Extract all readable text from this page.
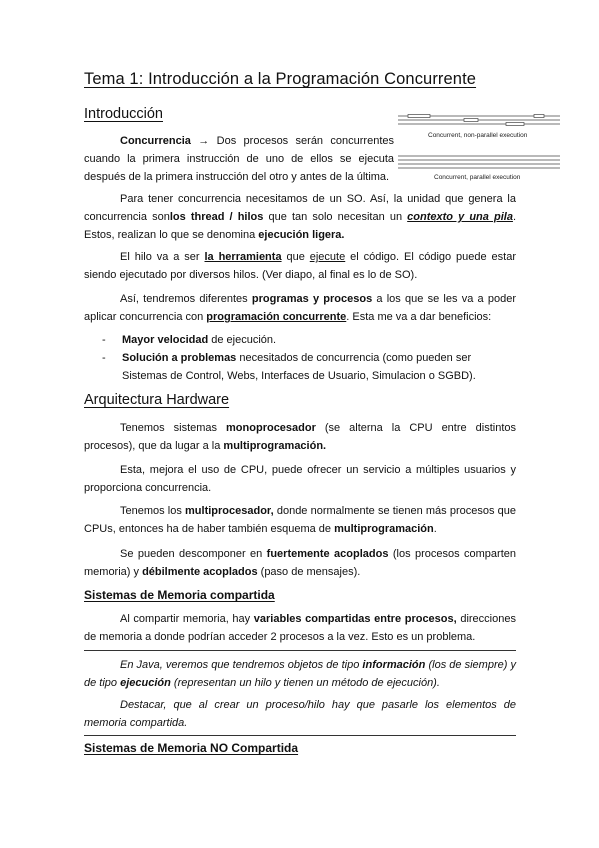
Tema 1: Introducción a la Programación Concurrente
Introducción
Concurrent, non-parallel execution
Concurrent, parallel execution

Concurrencia → Dos procesos serán concurrentes cuando la primera instrucción de uno de ellos se ejecuta después de la primera instrucción del otro y antes de la última.

Para tener concurrencia necesitamos de un SO. Así, la unidad que genera la concurrencia sonlos thread / hilos que tan solo necesitan un contexto y una pila. Estos, realizan lo que se denomina ejecución ligera.

El hilo va a ser la herramienta que ejecute el código. El código puede estar siendo ejecutado por diversos hilos. (Ver diapo, al final es lo de SO).

Así, tendremos diferentes programas y procesos a los que se les va a poder aplicar concurrencia con programación concurrente. Esta me va a dar beneficios:

- Mayor velocidad de ejecución.
- Solución a problemas necesitados de concurrencia (como pueden ser Sistemas de Control, Webs, Interfaces de Usuario, Simulacion o SGBD).
Arquitectura Hardware

Tenemos sistemas monoprocesador (se alterna la CPU entre distintos procesos), que da lugar a la multiprogramación.

Esta, mejora el uso de CPU, puede ofrecer un servicio a múltiples usuarios y proporciona concurrencia.

Tenemos los multiprocesador, donde normalmente se tienen más procesos que CPUs, entonces ha de haber también esquema de multiprogramación.

Se pueden descomponer en fuertemente acoplados (los procesos comparten memoria) y débilmente acoplados (paso de mensajes).

Sistemas de Memoria compartida

Al compartir memoria, hay variables compartidas entre procesos, direcciones de memoria a donde podrían acceder 2 procesos a la vez. Esto es un problema.

En Java, veremos que tendremos objetos de tipo información (los de siempre) y de tipo ejecución (representan un hilo y tienen un método de ejecución).

Destacar, que al crear un proceso/hilo hay que pasarle los elementos de memoria compartida.

Sistemas de Memoria NO Compartida
